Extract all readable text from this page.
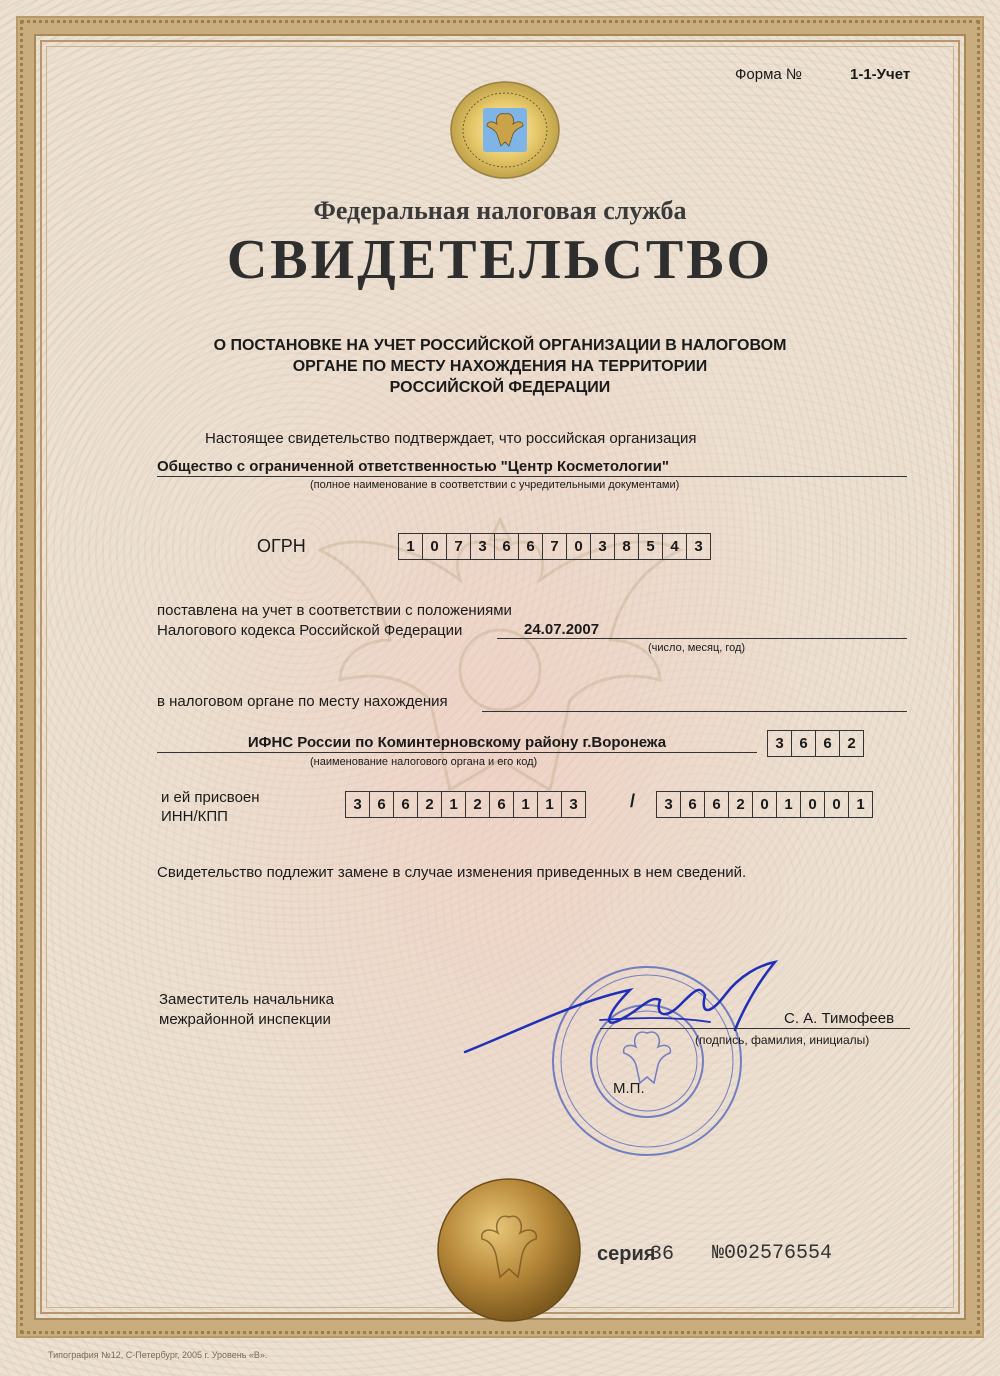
Форма №	1-1-Учет
Федеральная налоговая служба
СВИДЕТЕЛЬСТВО
О ПОСТАНОВКЕ НА УЧЕТ РОССИЙСКОЙ ОРГАНИЗАЦИИ В НАЛОГОВОМ
ОРГАНЕ ПО МЕСТУ НАХОЖДЕНИЯ НА ТЕРРИТОРИИ
РОССИЙСКОЙ ФЕДЕРАЦИИ
Настоящее свидетельство подтверждает, что российская организация
Общество с ограниченной ответственностью "Центр Косметологии"
(полное наименование в соответствии с учредительными документами)
ОГРН	1	0	7	3	6	6	7	0	3	8	5	4	3
поставлена на учет в соответствии с положениями
Налогового кодекса Российской Федерации	24.07.2007
(число, месяц, год)
в налоговом органе по месту нахождения
ИФНС России по Коминтерновскому району г.Воронежа	3	6	6	2
(наименование налогового органа и его код)
и ей присвоен
ИНН/КПП
3	6	6	2	1	2	6	1	1	3	/	3	6	6	2	0	1	0	0	1
Свидетельство подлежит замене в случае изменения приведенных в нем сведений.
Заместитель начальника
межрайонной инспекции	С. А. Тимофеев
(подпись, фамилия, инициалы)
М.П.
серия
36 №002576554
Типография №12, С-Петербург, 2005 г. Уровень «В».
